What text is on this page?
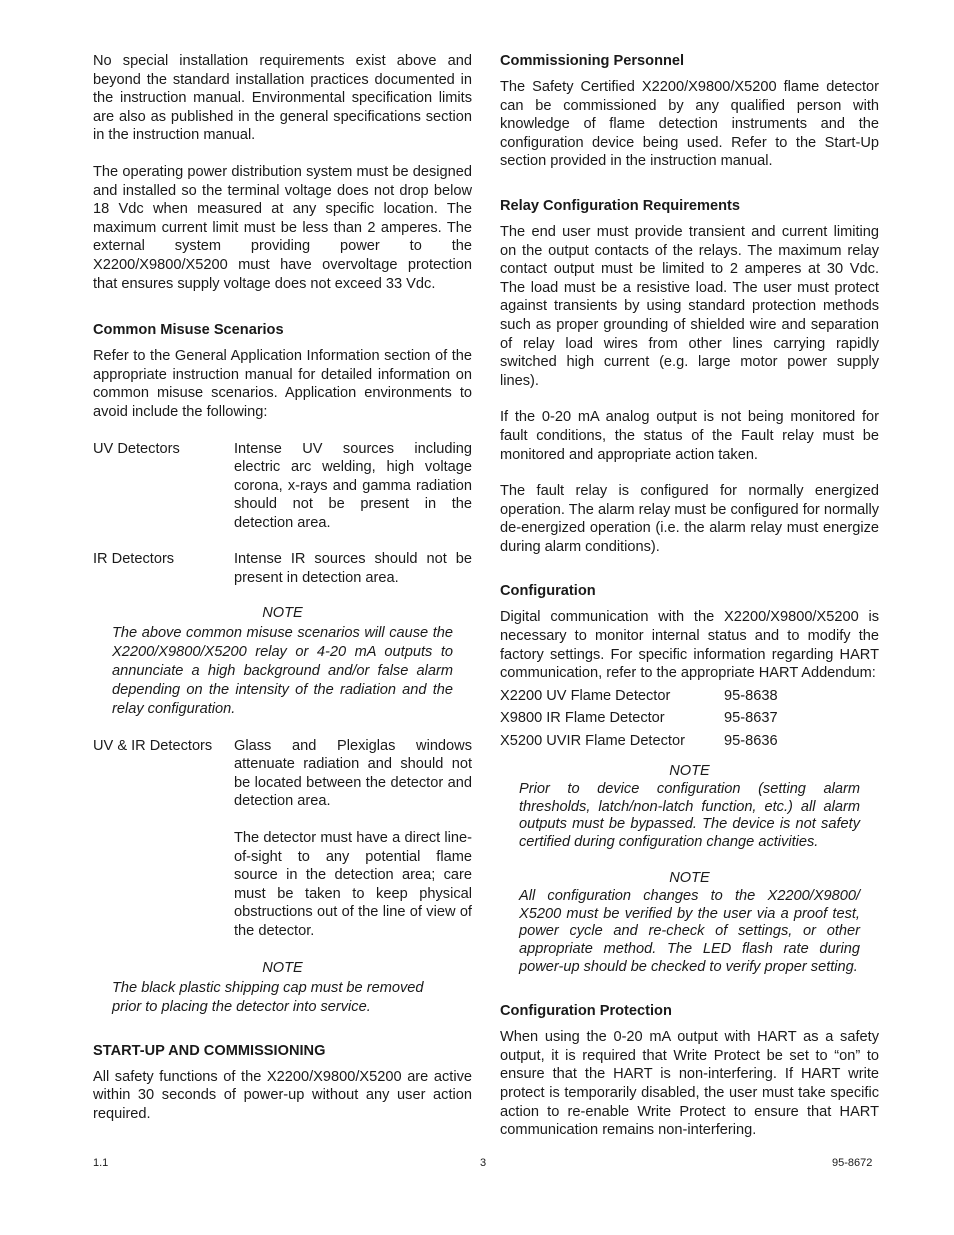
No special installation requirements exist above and beyond the standard installation practices documented in the instruction manual. Environmental specification limits are also as published in the general specifications section in the instruction manual.

The operating power distribution system must be designed and installed so the terminal voltage does not drop below 18 Vdc when measured at any specific location. The maximum current limit must be less than 2 amperes. The external system providing power to the X2200/X9800/X5200 must have overvoltage protection that ensures supply voltage does not exceed 33 Vdc.

Common Misuse Scenarios

Refer to the General Application Information section of the appropriate instruction manual for detailed information on common misuse scenarios. Application environments to avoid include the following:

UV Detectors	Intense UV sources including electric arc welding, high voltage corona, x-rays and gamma radiation should not be present in the detection area.

IR Detectors	Intense IR sources should not be present in detection area.

NOTE

The above common misuse scenarios will cause the X2200/X9800/X5200 relay or 4-20 mA outputs to annunciate a high background and/or false alarm depending on the intensity of the radiation and the relay configuration.

UV & IR Detectors	Glass and Plexiglas windows attenuate radiation and should not be located between the detector and detection area.

The detector must have a direct line-of-sight to any potential flame source in the detection area; care must be taken to keep physical obstructions out of the line of view of the detector.

NOTE

The black plastic shipping cap must be removed prior to placing the detector into service.

START-UP AND COMMISSIONING

All safety functions of the X2200/X9800/X5200 are active within 30 seconds of power-up without any user action required.

Commissioning Personnel

The Safety Certified X2200/X9800/X5200 flame detector can be commissioned by any qualified person with knowledge of flame detection instruments and the configuration device being used. Refer to the Start-Up section provided in the instruction manual.

Relay Configuration Requirements

The end user must provide transient and current limiting on the output contacts of the relays. The maximum relay contact output must be limited to 2 amperes at 30 Vdc. The load must be a resistive load. The user must protect against transients by using standard protection methods such as proper grounding of shielded wire and separation of relay load wires from other lines carrying rapidly switched high current (e.g. large motor power supply lines).

If the 0-20 mA analog output is not being monitored for fault conditions, the status of the Fault relay must be monitored and appropriate action taken.

The fault relay is configured for normally energized operation. The alarm relay must be configured for normally de-energized operation (i.e. the alarm relay must energize during alarm conditions).

Configuration

Digital communication with the X2200/X9800/X5200 is necessary to monitor internal status and to modify the factory settings. For specific information regarding HART communication, refer to the appropriate HART Addendum:

X2200 UV Flame Detector	95-8638
X9800 IR Flame Detector	95-8637
X5200 UVIR Flame Detector	95-8636
NOTE

Prior to device configuration (setting alarm thresholds, latch/non-latch function, etc.) all alarm outputs must be bypassed. The device is not safety certified during configuration change activities.

NOTE

All configuration changes to the X2200/X9800/ X5200 must be verified by the user via a proof test, power cycle and re-check of settings, or other appropriate method. The LED flash rate during power-up should be checked to verify proper setting.

Configuration Protection

When using the 0-20 mA output with HART as a safety output, it is required that Write Protect be set to “on” to ensure that the HART is non-interfering. If HART write protect is temporarily disabled, the user must take specific action to re-enable Write Protect to ensure that HART communication remains non-interfering.

1.1	3	95-8672
